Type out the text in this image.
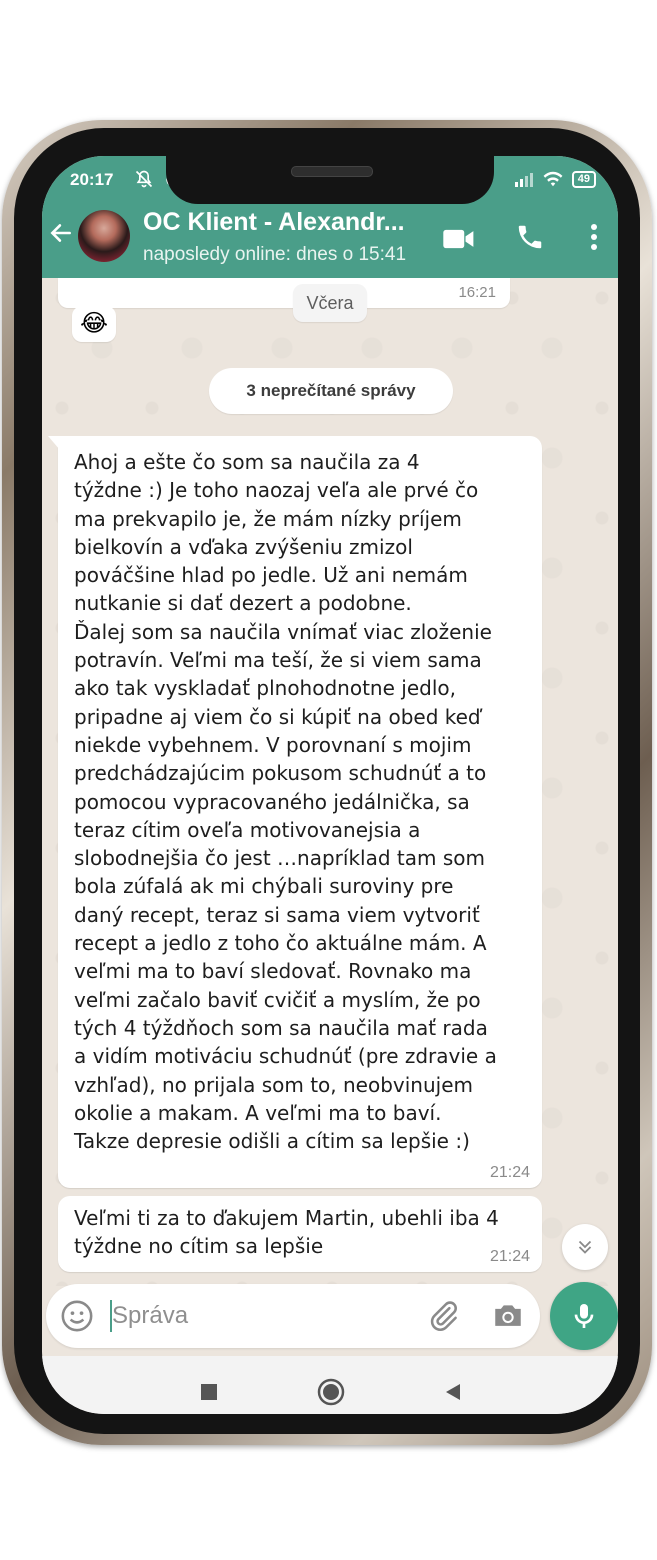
16:21
Včera
😂
3 neprečítané správy

Ahoj a ešte čo som sa naučila za 4
týždne :) Je toho naozaj veľa ale prvé čo
ma prekvapilo je, že mám nízky príjem
bielkovín a vďaka zvýšeniu zmizol
pováčšine hlad po jedle. Už ani nemám
nutkanie si dať dezert a podobne.
Ďalej som sa naučila vnímať viac zloženie
potravín. Veľmi ma teší, že si viem sama
ako tak vyskladať plnohodnotne jedlo,
pripadne aj viem čo si kúpiť na obed keď
niekde vybehnem. V porovnaní s mojim
predchádzajúcim pokusom schudnúť a to
pomocou vypracovaného jedálnička, sa
teraz cítim oveľa motivovanejsia a
slobodnejšia čo jest …napríklad tam som
bola zúfalá ak mi chýbali suroviny pre
daný recept, teraz si sama viem vytvoriť
recept a jedlo z toho čo aktuálne mám. A
veľmi ma to baví sledovať. Rovnako ma
veľmi začalo baviť cvičiť a myslím, že po
tých 4 týždňoch som sa naučila mať rada
a vidím motiváciu schudnúť (pre zdravie a
vzhľad), no prijala som to, neobvinujem
okolie a makam. A veľmi ma to baví.
Takze depresie odišli a cítim sa lepšie :)

21:24

Veľmi ti za to ďakujem Martin, ubehli iba 4
týždne no cítim sa lepšie	21:24
Správa
20:17
	49
OC Klient - Alexandr...
naposledy online: dnes o 15:41
